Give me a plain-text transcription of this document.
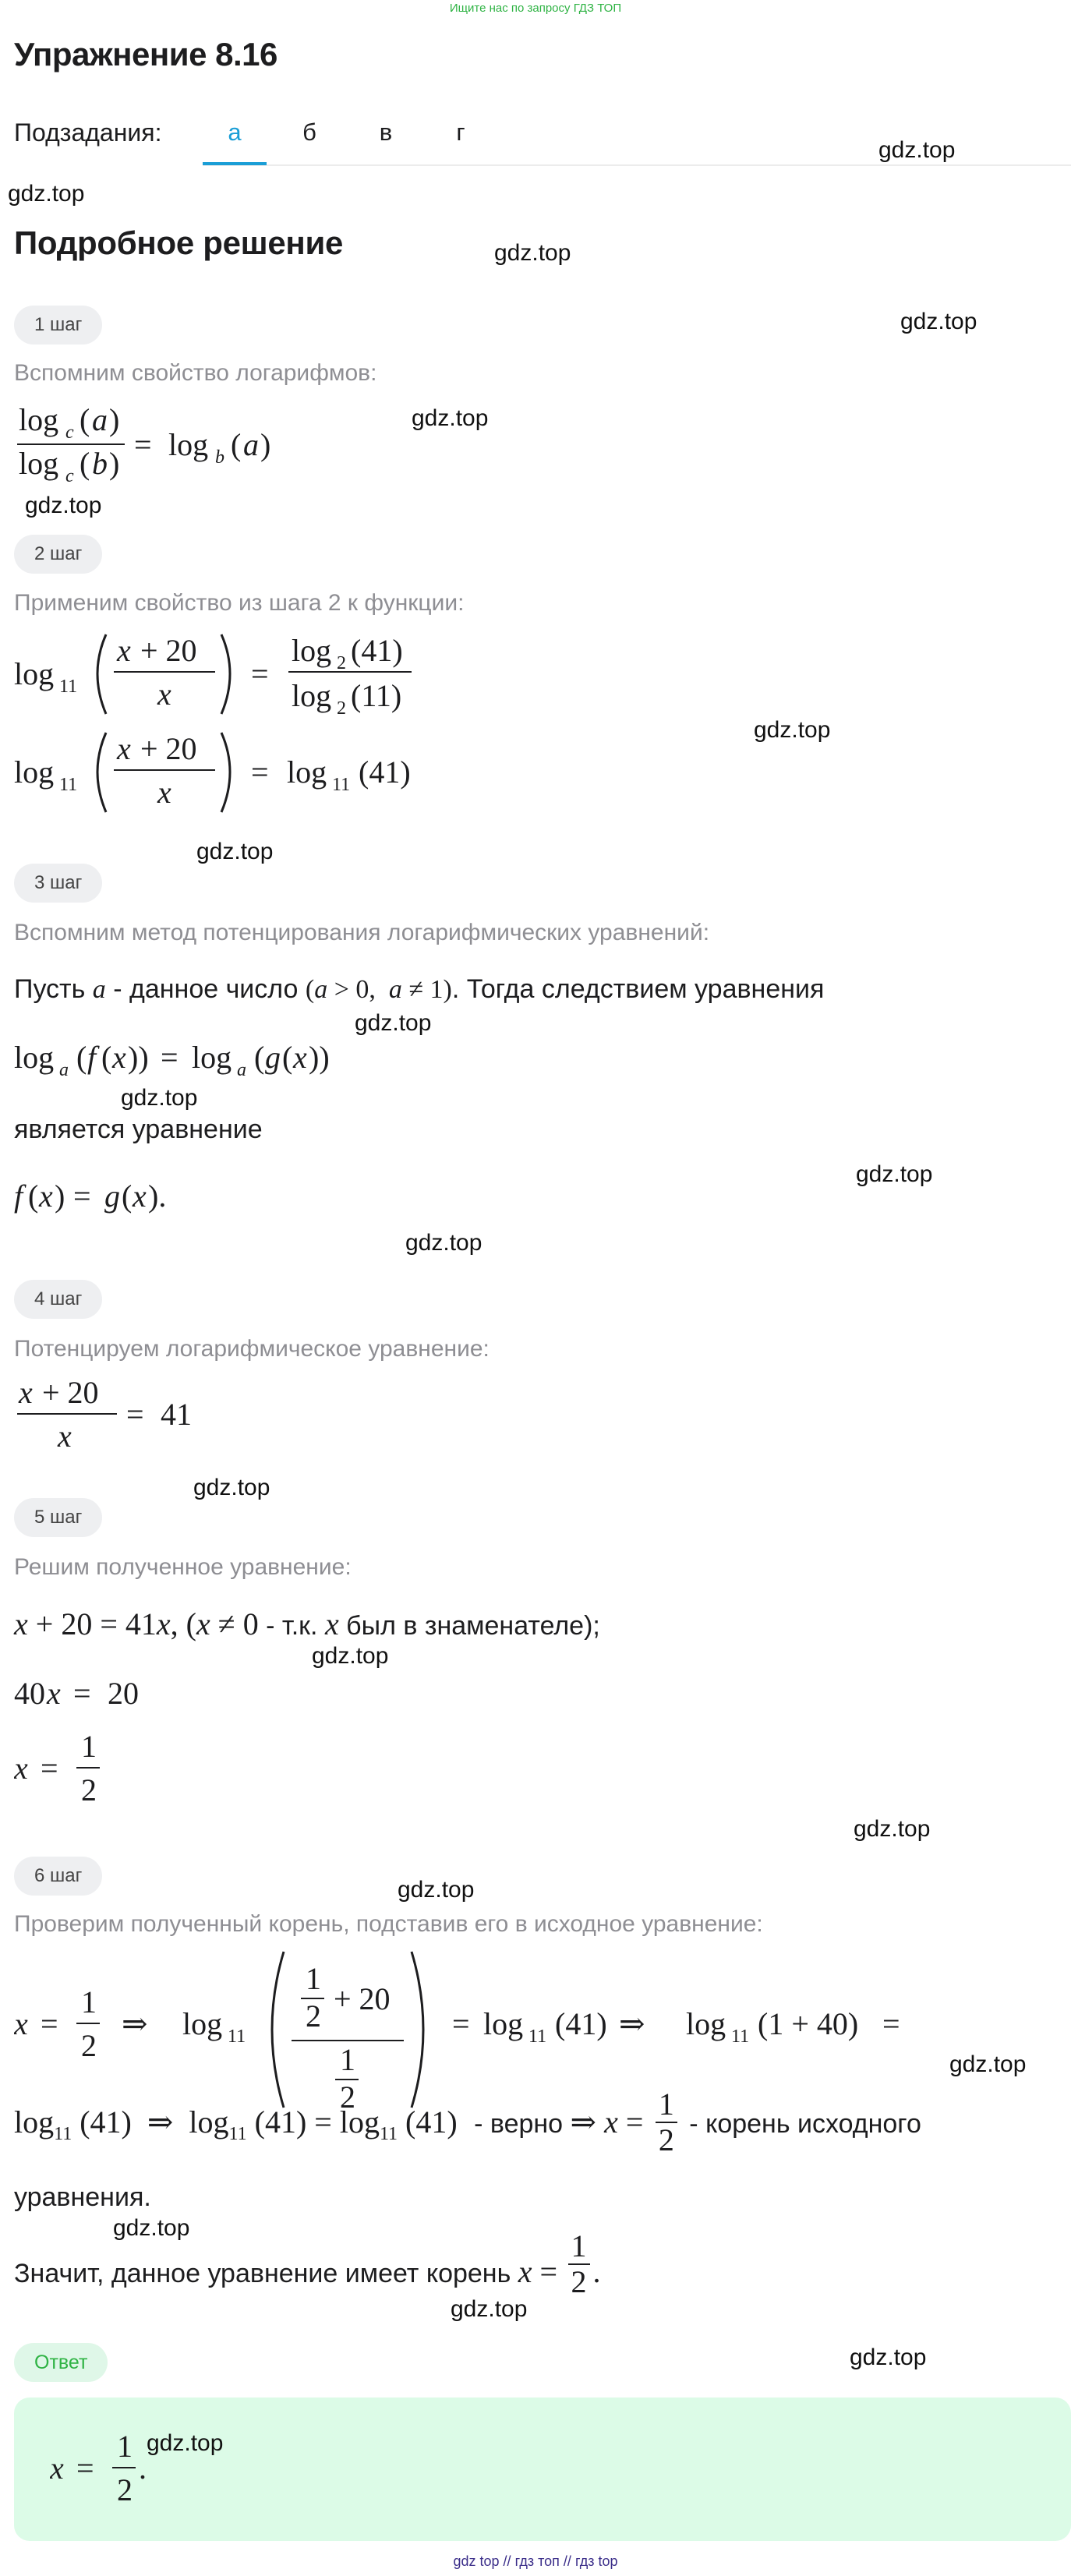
Ищите нас по запросу ГДЗ ТОП
Упражнение 8.16
Подзадания:	а	б	в	г
Подробное решение
gdz.top
gdz.top
gdz.top
gdz.top
gdz.top
gdz.top
gdz.top
gdz.top
gdz.top
gdz.top
gdz.top
gdz.top
gdz.top
gdz.top
gdz.top
gdz.top
gdz.top
gdz.top
gdz.top
gdz.top
1 шаг
Вспомним свойство логарифмов:
log c ( a )
log c ( b )
= log b ( a )
2 шаг
Применим свойство из шага 2 к функции:
log 11
x + 20
x
=
log 2 (41)
log 2 (11)
log 11
x + 20
x
= log 11 (41)
3 шаг
Вспомним метод потенцирования логарифмических уравнений:
Пусть a - данное число (a > 0,  a ≠ 1). Тогда следствием уравнения
log a ( f ( x )) = log a ( g ( x ))
является уравнение
f ( x ) = g ( x ).
4 шаг
Потенцируем логарифмическое уравнение:
x + 20
x
= 41
5 шаг
Решим полученное уравнение:
x + 20 = 41x, (x ≠ 0 - т.к. x был в знаменателе);
40 x = 20
x =
1
2
6 шаг
Проверим полученный корень, подставив его в исходное уравнение:
x =
1
2
⇒ log 11
1
2 + 20
1
2
= log 11 (41) ⇒ log 11 (1 + 40) =
$\log_{11} (41)$  ⇒  $\log_{11} (41) = \log_{11} (41)$ - верно ⇒ $x = \frac{1}{2}$ - корень исходного
уравнения.
Значит, данное уравнение имеет корень $x = \frac{1}{2}$ .
Ответ
x =
1
2
.
gdz.top
gdz top // гдз топ // гдз top
